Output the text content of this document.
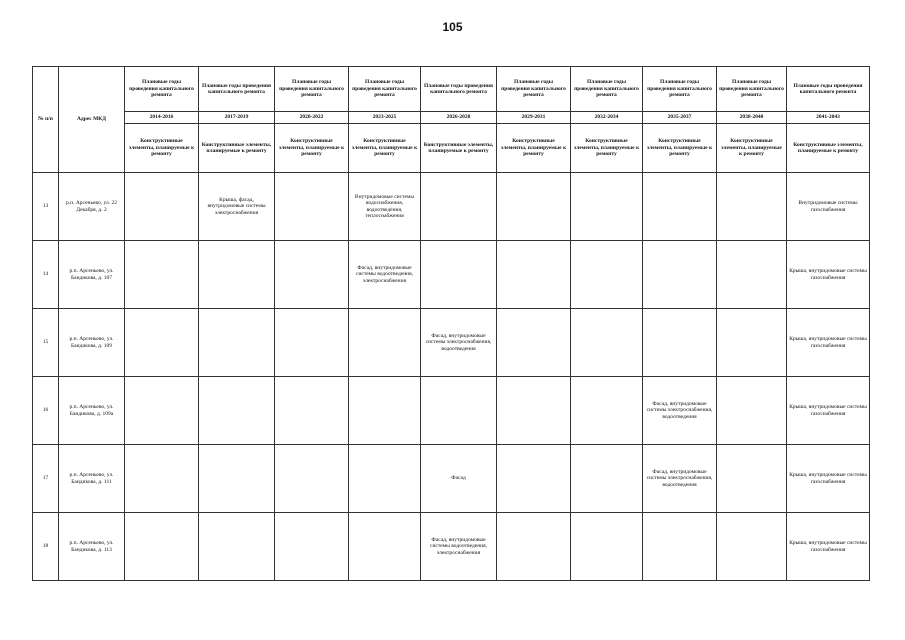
105
№ п/п	Адрес МКД	Плановые годы проведения капитального ремонта	Плановые годы проведения капитального ремонта	Плановые годы проведения капитального ремонта	Плановые годы проведения капитального ремонта	Плановые годы проведения капитального ремонта	Плановые годы проведения капитального ремонта	Плановые годы проведения капитального ремонта	Плановые годы проведения капитального ремонта	Плановые годы проведения капитального ремонта	Плановые годы проведения капитального ремонта
		2014-2016	2017-2019	2020-2022	2023-2025	2026-2028	2029-2031	2032-2034	2035-2037	2038-2040	2041-2043
		Конструктивные элементы, планируемые к ремонту	Конструктивные элементы, планируемые к ремонту	Конструктивные элементы, планируемые к ремонту	Конструктивные элементы, планируемые к ремонту	Конструктивные элементы, планируемые к ремонту	Конструктивные элементы, планируемые к ремонту	Конструктивные элементы, планируемые к ремонту	Конструктивные элементы, планируемые к ремонту	Конструктивные элементы, планируемые к ремонту	Конструктивные элементы, планируемые к ремонту
13	р.п. Арсеньево, ул. 22 Декабря, д. 2		Крыша, фасад, внутридомовые системы электроснабжения		Внутридомовые системы водоснабжения, водоотведения, теплоснабжения						Внутридомовые системы газоснабжения
14	р.п. Арсеньево, ул. Бандикова, д. 107				Фасад, внутридомовые системы водоотведения, электроснабжения						Крыша, внутридомовые системы газоснабжения
15	р.п. Арсеньево, ул. Бандикова, д. 109					Фасад, внутридомовые системы электроснабжения, водоотведения					Крыша, внутридомовые системы газоснабжения
16	р.п. Арсеньево, ул. Бандикова, д. 109а								Фасад, внутридомовые системы электроснабжения, водоотведения		Крыша, внутридомовые системы газоснабжения
17	р.п. Арсеньево, ул. Бандикова, д. 111					Фасад			Фасад, внутридомовые системы электроснабжения, водоотведения		Крыша, внутридомовые системы газоснабжения
18	р.п. Арсеньево, ул. Бандикова, д. 113					Фасад, внутридомовые системы водоотведения, электроснабжения					Крыша, внутридомовые системы газоснабжения
